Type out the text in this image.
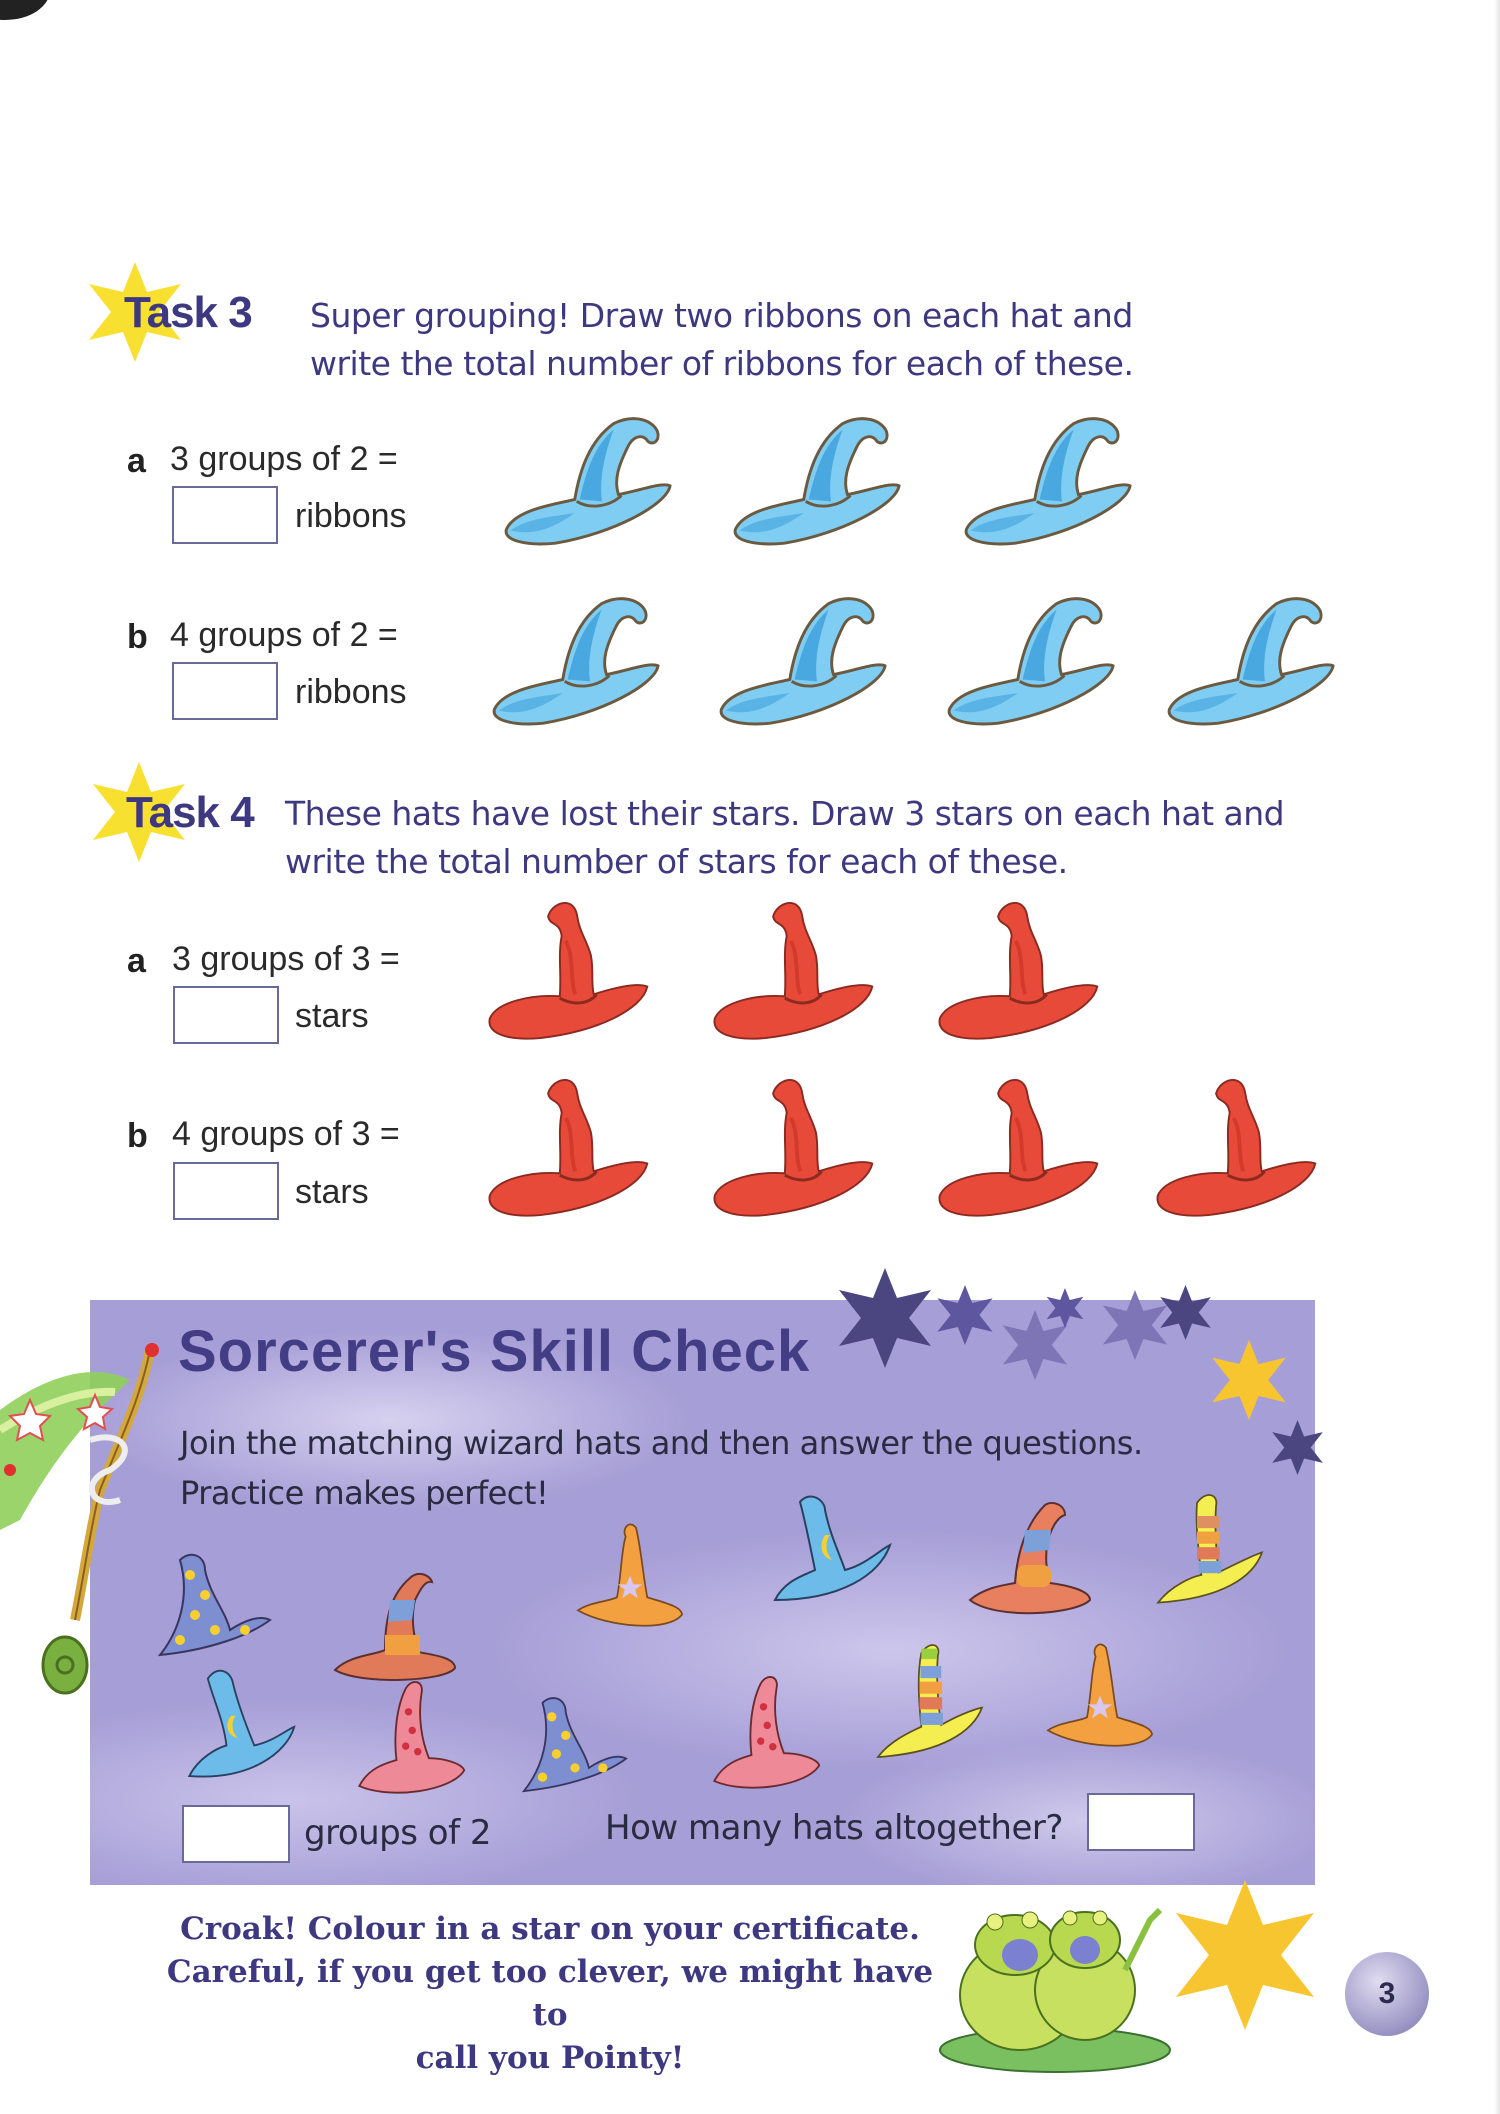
Task 3 Super grouping! Draw two ribbons on each hat and
write the total number of ribbons for each of these.
a 3 groups of 2 =
ribbons
b 4 groups of 2 =
ribbons
Task 4 These hats have lost their stars. Draw 3 stars on each hat and
write the total number of stars for each of these.
a 3 groups of 3 =
stars
b 4 groups of 3 =
stars
Sorcerer's Skill Check
Join the matching wizard hats and then answer the questions.
Practice makes perfect!
groups of 2	How many hats altogether?
Croak! Colour in a star on your certificate.
Careful, if you get too clever, we might have to
call you Pointy!
3
